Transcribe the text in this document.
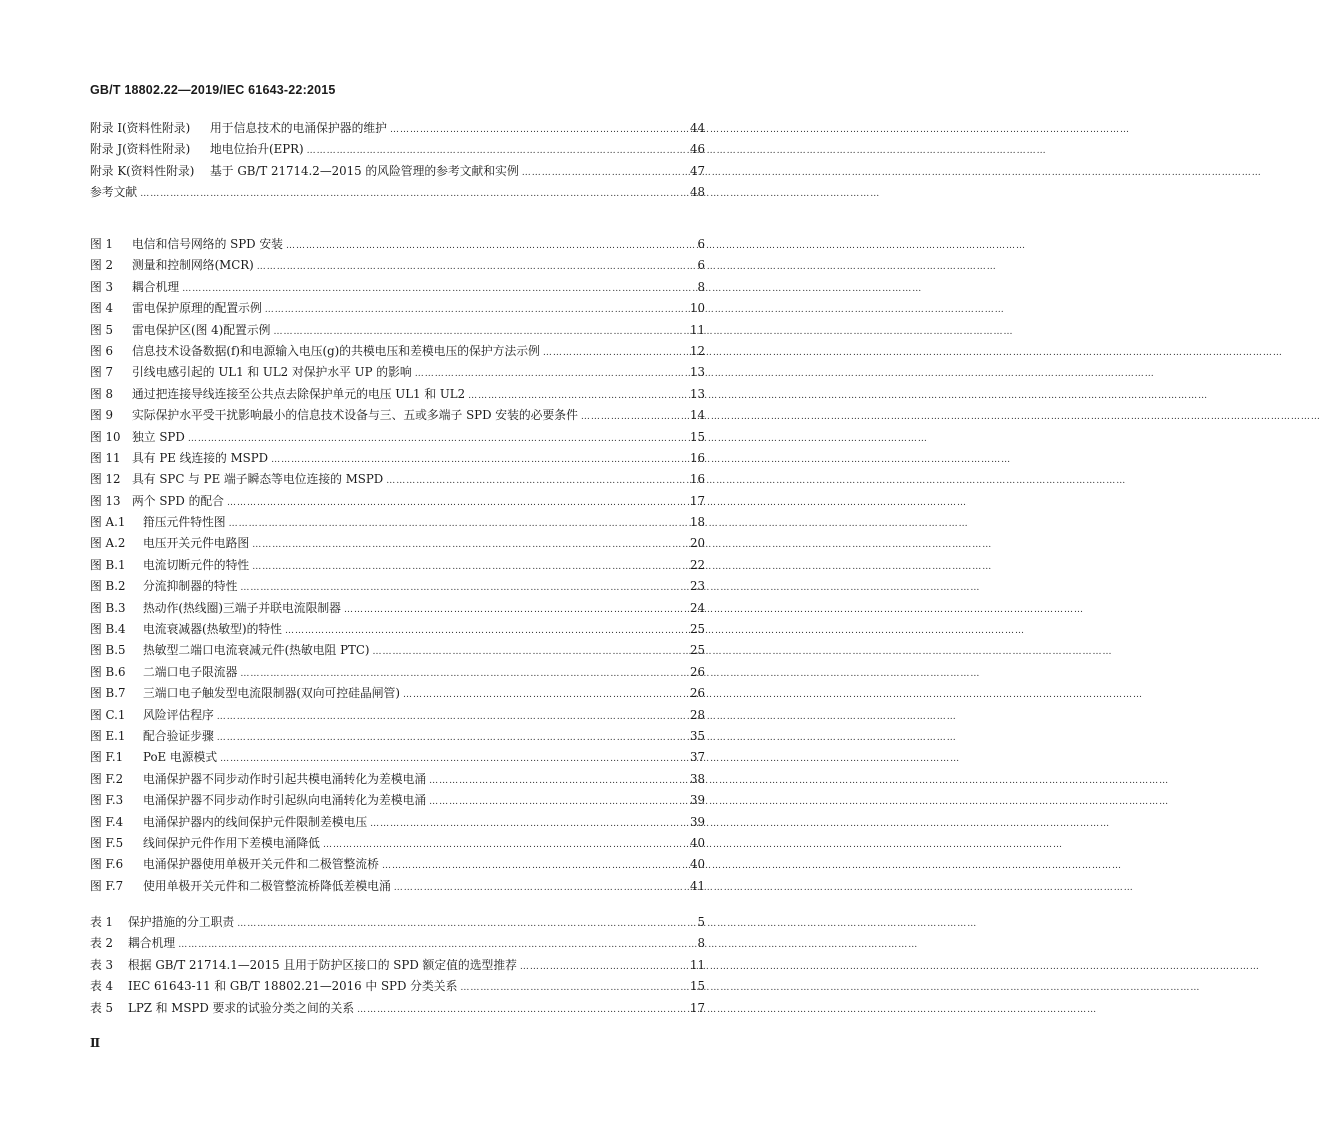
GB/T 18802.22—2019/IEC 61643-22:2015
附录 I(资料性附录)	用于信息技术的电涌保护器的维护 ……………………………………………………………………………………………………………………………………………………………………………………………………	44
附录 J(资料性附录)	地电位抬升(EPR) ……………………………………………………………………………………………………………………………………………………………………………………………………	46
附录 K(资料性附录)	基于 GB/T 21714.2—2015 的风险管理的参考文献和实例 ……………………………………………………………………………………………………………………………………………………………………………………………………	47
参考文献 ……………………………………………………………………………………………………………………………………………………………………………………………………	48
图 1	电信和信号网络的 SPD 安装 ……………………………………………………………………………………………………………………………………………………………………………………………………	6
图 2	测量和控制网络(MCR) ……………………………………………………………………………………………………………………………………………………………………………………………………	6
图 3	耦合机理 ……………………………………………………………………………………………………………………………………………………………………………………………………	8
图 4	雷电保护原理的配置示例 ……………………………………………………………………………………………………………………………………………………………………………………………………	10
图 5	雷电保护区(图 4)配置示例 ……………………………………………………………………………………………………………………………………………………………………………………………………	11
图 6	信息技术设备数据(f)和电源输入电压(g)的共模电压和差模电压的保护方法示例 ……………………………………………………………………………………………………………………………………………………………………………………………………	12
图 7	引线电感引起的 UL1 和 UL2 对保护水平 UP 的影响 ……………………………………………………………………………………………………………………………………………………………………………………………………	13
图 8	通过把连接导线连接至公共点去除保护单元的电压 UL1 和 UL2 ……………………………………………………………………………………………………………………………………………………………………………………………………	13
图 9	实际保护水平受干扰影响最小的信息技术设备与三、五或多端子 SPD 安装的必要条件 ……………………………………………………………………………………………………………………………………………………………………………………………………	14
图 10 独立 SPD ……………………………………………………………………………………………………………………………………………………………………………………………………	15
图 11 具有 PE 线连接的 MSPD ……………………………………………………………………………………………………………………………………………………………………………………………………	16
图 12 具有 SPC 与 PE 端子瞬态等电位连接的 MSPD ……………………………………………………………………………………………………………………………………………………………………………………………………	16
图 13 两个 SPD 的配合 ……………………………………………………………………………………………………………………………………………………………………………………………………	17
图 A.1	箝压元件特性图 ……………………………………………………………………………………………………………………………………………………………………………………………………	18
图 A.2	电压开关元件电路图 ……………………………………………………………………………………………………………………………………………………………………………………………………	20
图 B.1	电流切断元件的特性 ……………………………………………………………………………………………………………………………………………………………………………………………………	22
图 B.2	分流抑制器的特性 ……………………………………………………………………………………………………………………………………………………………………………………………………	23
图 B.3	热动作(热线圈)三端子并联电流限制器 ……………………………………………………………………………………………………………………………………………………………………………………………………	24
图 B.4	电流衰减器(热敏型)的特性 ……………………………………………………………………………………………………………………………………………………………………………………………………	25
图 B.5	热敏型二端口电流衰减元件(热敏电阻 PTC) ……………………………………………………………………………………………………………………………………………………………………………………………………	25
图 B.6	二端口电子限流器 ……………………………………………………………………………………………………………………………………………………………………………………………………	26
图 B.7	三端口电子触发型电流限制器(双向可控硅晶闸管) ……………………………………………………………………………………………………………………………………………………………………………………………………	26
图 C.1	风险评估程序 ……………………………………………………………………………………………………………………………………………………………………………………………………	28
图 E.1	配合验证步骤 ……………………………………………………………………………………………………………………………………………………………………………………………………	35
图 F.1	PoE 电源模式 ……………………………………………………………………………………………………………………………………………………………………………………………………	37
图 F.2	电涌保护器不同步动作时引起共模电涌转化为差模电涌 ……………………………………………………………………………………………………………………………………………………………………………………………………	38
图 F.3	电涌保护器不同步动作时引起纵向电涌转化为差模电涌 ……………………………………………………………………………………………………………………………………………………………………………………………………	39
图 F.4	电涌保护器内的线间保护元件限制差模电压 ……………………………………………………………………………………………………………………………………………………………………………………………………	39
图 F.5	线间保护元件作用下差模电涌降低 ……………………………………………………………………………………………………………………………………………………………………………………………………	40
图 F.6	电涌保护器使用单极开关元件和二极管整流桥 ……………………………………………………………………………………………………………………………………………………………………………………………………	40
图 F.7	使用单极开关元件和二极管整流桥降低差模电涌 ……………………………………………………………………………………………………………………………………………………………………………………………………	41
表 1	保护措施的分工职责 ……………………………………………………………………………………………………………………………………………………………………………………………………	5
表 2	耦合机理 ……………………………………………………………………………………………………………………………………………………………………………………………………	8
表 3	根据 GB/T 21714.1—2015 且用于防护区接口的 SPD 额定值的选型推荐 ……………………………………………………………………………………………………………………………………………………………………………………………………	11
表 4	IEC 61643-11 和 GB/T 18802.21—2016 中 SPD 分类关系 ……………………………………………………………………………………………………………………………………………………………………………………………………	15
表 5	LPZ 和 MSPD 要求的试验分类之间的关系 ……………………………………………………………………………………………………………………………………………………………………………………………………	17
Ⅱ
